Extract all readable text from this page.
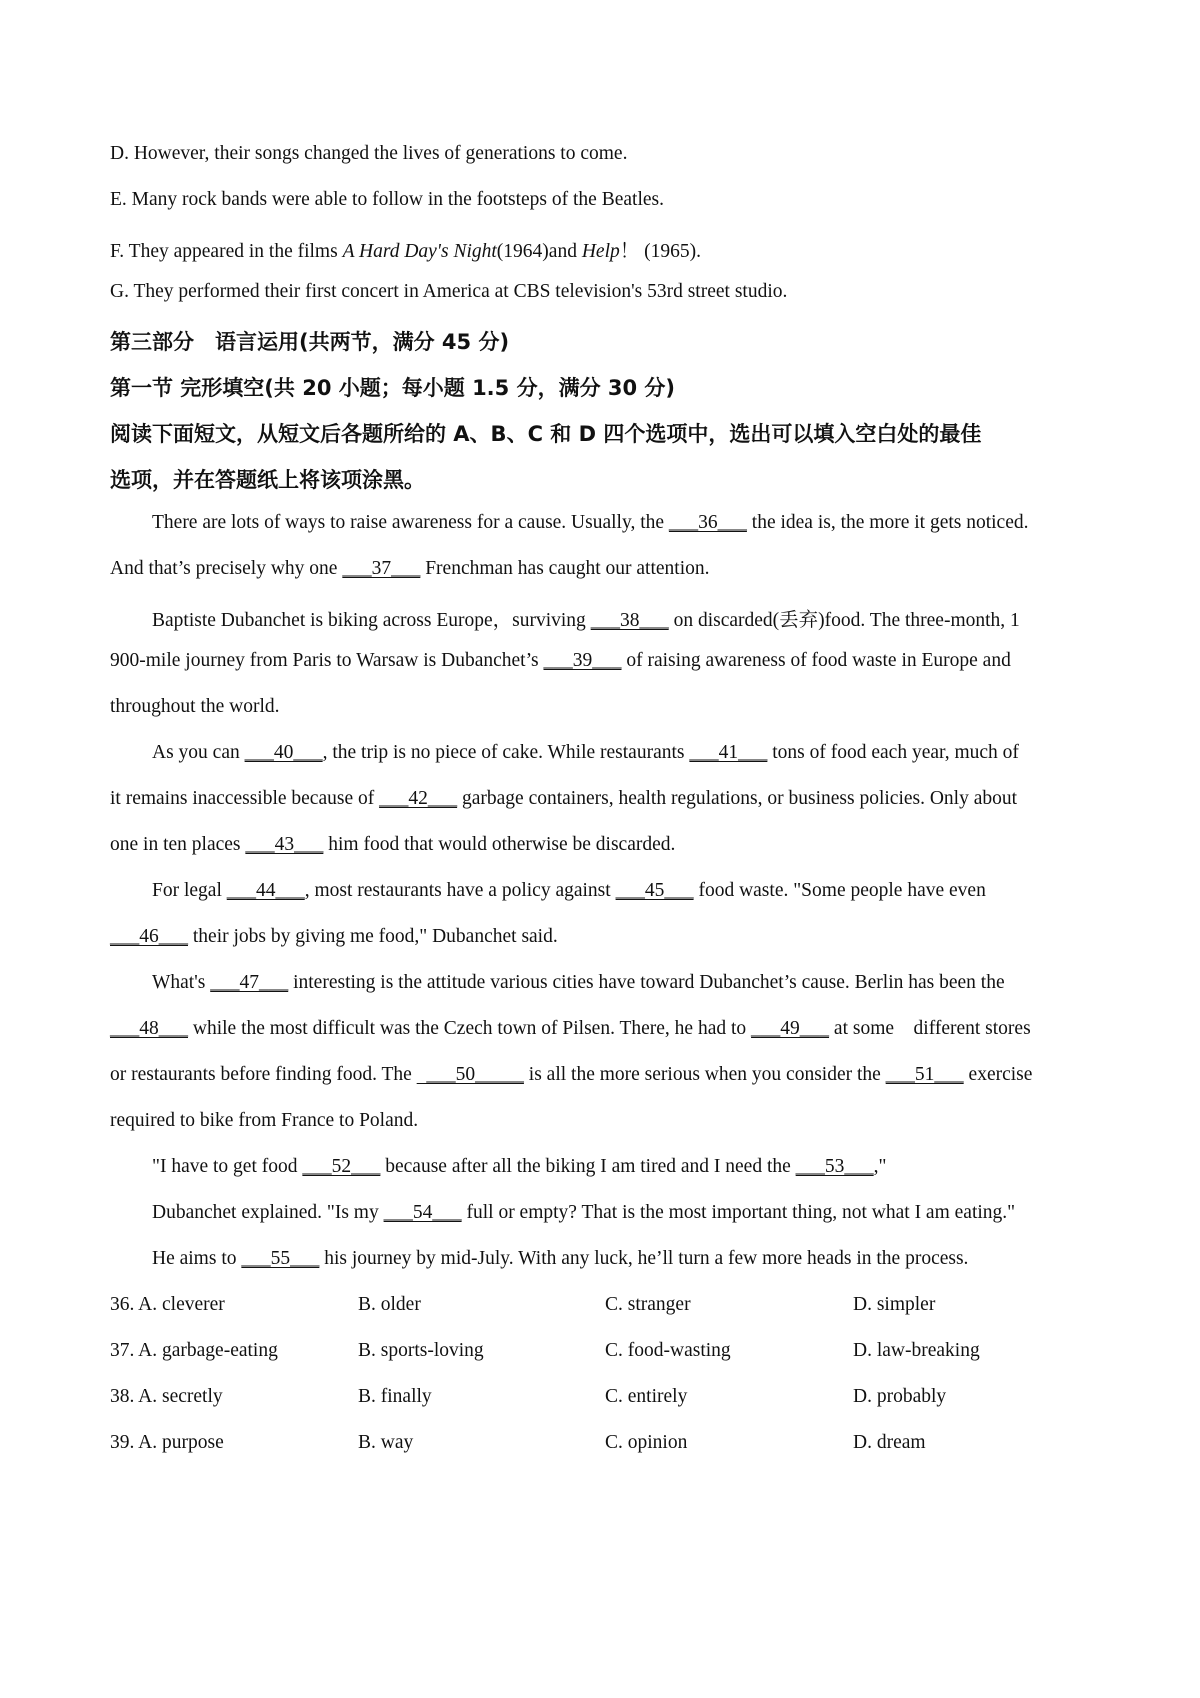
D. However, their songs changed the lives of generations to come.
E. Many rock bands were able to follow in the footsteps of the Beatles.
F. They appeared in the films A Hard Day's Night(1964)and Help！ (1965).
G. They performed their first concert in America at CBS television's 53rd street studio.
第三部分　语言运用(共两节，满分 45 分)
第一节 完形填空(共 20 小题；每小题 1.5 分，满分 30 分)
阅读下面短文，从短文后各题所给的 A、B、C 和 D 四个选项中，选出可以填入空白处的最佳
选项，并在答题纸上将该项涂黑。
There are lots of ways to raise awareness for a cause. Usually, the ___36___ the idea is, the more it gets noticed.
And that’s precisely why one ___37___ Frenchman has caught our attention.
Baptiste Dubanchet is biking across Europe，surviving ___38___ on discarded(丢弃)food. The three-month, 1
900-mile journey from Paris to Warsaw is Dubanchet’s ___39___ of raising awareness of food waste in Europe and
throughout the world.
As you can ___40___, the trip is no piece of cake. While restaurants ___41___ tons of food each year, much of
it remains inaccessible because of ___42___ garbage containers, health regulations, or business policies. Only about
one in ten places ___43___ him food that would otherwise be discarded.
For legal ___44___, most restaurants have a policy against ___45___ food waste. "Some people have even
___46___ their jobs by giving me food," Dubanchet said.
What's ___47___ interesting is the attitude various cities have toward Dubanchet’s cause. Berlin has been the
___48___ while the most difficult was the Czech town of Pilsen. There, he had to ___49___ at some    different stores
or restaurants before finding food. The   ___50_____ is all the more serious when you consider the ___51___ exercise
required to bike from France to Poland.
"I have to get food ___52___ because after all the biking I am tired and I need the ___53___,"
Dubanchet explained. "Is my ___54___ full or empty? That is the most important thing, not what I am eating."
He aims to ___55___ his journey by mid-July. With any luck, he’ll turn a few more heads in the process.
36. A. cleverer	B. older	C. stranger	D. simpler
37. A. garbage-eating	B. sports-loving	C. food-wasting	D. law-breaking
38. A. secretly	B. finally	C. entirely	D. probably
39. A. purpose	B. way	C. opinion	D. dream
